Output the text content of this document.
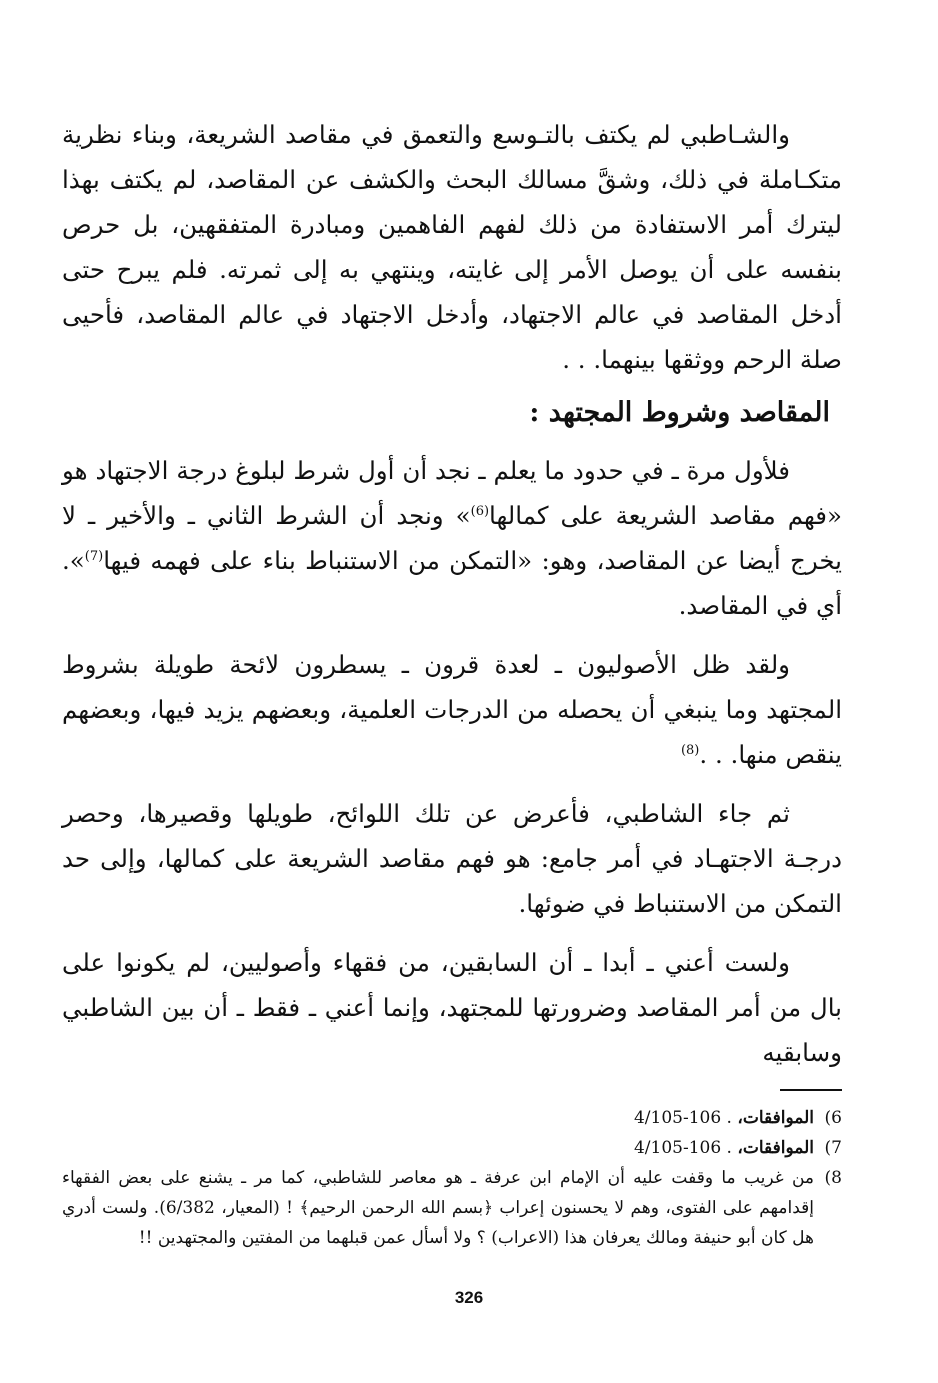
والشـاطبي لم يكتف بالتـوسع والتعمق في مقاصد الشريعة، وبناء نظرية متكـاملة في ذلك، وشقَّ مسالك البحث والكشف عن المقاصد، لم يكتف بهذا ليترك أمر الاستفادة من ذلك لفهم الفاهمين ومبادرة المتفقهين، بل حرص بنفسه على أن يوصل الأمر إلى غايته، وينتهي به إلى ثمرته. فلم يبرح حتى أدخل المقاصد في عالم الاجتهاد، وأدخل الاجتهاد في عالم المقاصد، فأحيى صلة الرحم ووثقها بينهما. . .

المقاصد وشروط المجتهد :

فلأول مرة ـ في حدود ما يعلم ـ نجد أن أول شرط لبلوغ درجة الاجتهاد هو «فهم مقاصد الشريعة على كمالها$^{(6)}$» ونجد أن الشرط الثاني ـ والأخير ـ لا يخرج أيضا عن المقاصد، وهو: «التمكن من الاستنباط بناء على فهمه فيها$^{(7)}$». أي في المقاصد.

ولقد ظل الأصوليون ـ لعدة قرون ـ يسطرون لائحة طويلة بشروط المجتهد وما ينبغي أن يحصله من الدرجات العلمية، وبعضهم يزيد فيها، وبعضهم ينقص منها. . .$^{(8)}$

ثم جاء الشاطبي، فأعرض عن تلك اللوائح، طويلها وقصيرها، وحصر درجـة الاجتهـاد في أمر جامع: هو فهم مقاصد الشريعة على كمالها، وإلى حد التمكن من الاستنباط في ضوئها.

ولست أعني ـ أبدا ـ أن السابقين، من فقهاء وأصوليين، لم يكونوا على بال من أمر المقاصد وضرورتها للمجتهد، وإنما أعني ـ فقط ـ أن بين الشاطبي وسابقيه

6)
الموافقات، 4/105-106 .
7)
الموافقات، 4/105-106 .
8)
من غريب ما وقفت عليه أن الإمام ابن عرفة ـ هو معاصر للشاطبي، كما مر ـ يشنع على بعض الفقهاء إقدامهم على الفتوى، وهم لا يحسنون إعراب ﴿بسم الله الرحمن الرحيم﴾ ! (المعيار، 6/382). ولست أدري هل كان أبو حنيفة ومالك يعرفان هذا (الاعراب) ؟ ولا أسأل عمن قبلهما من المفتين والمجتهدين !!
326
